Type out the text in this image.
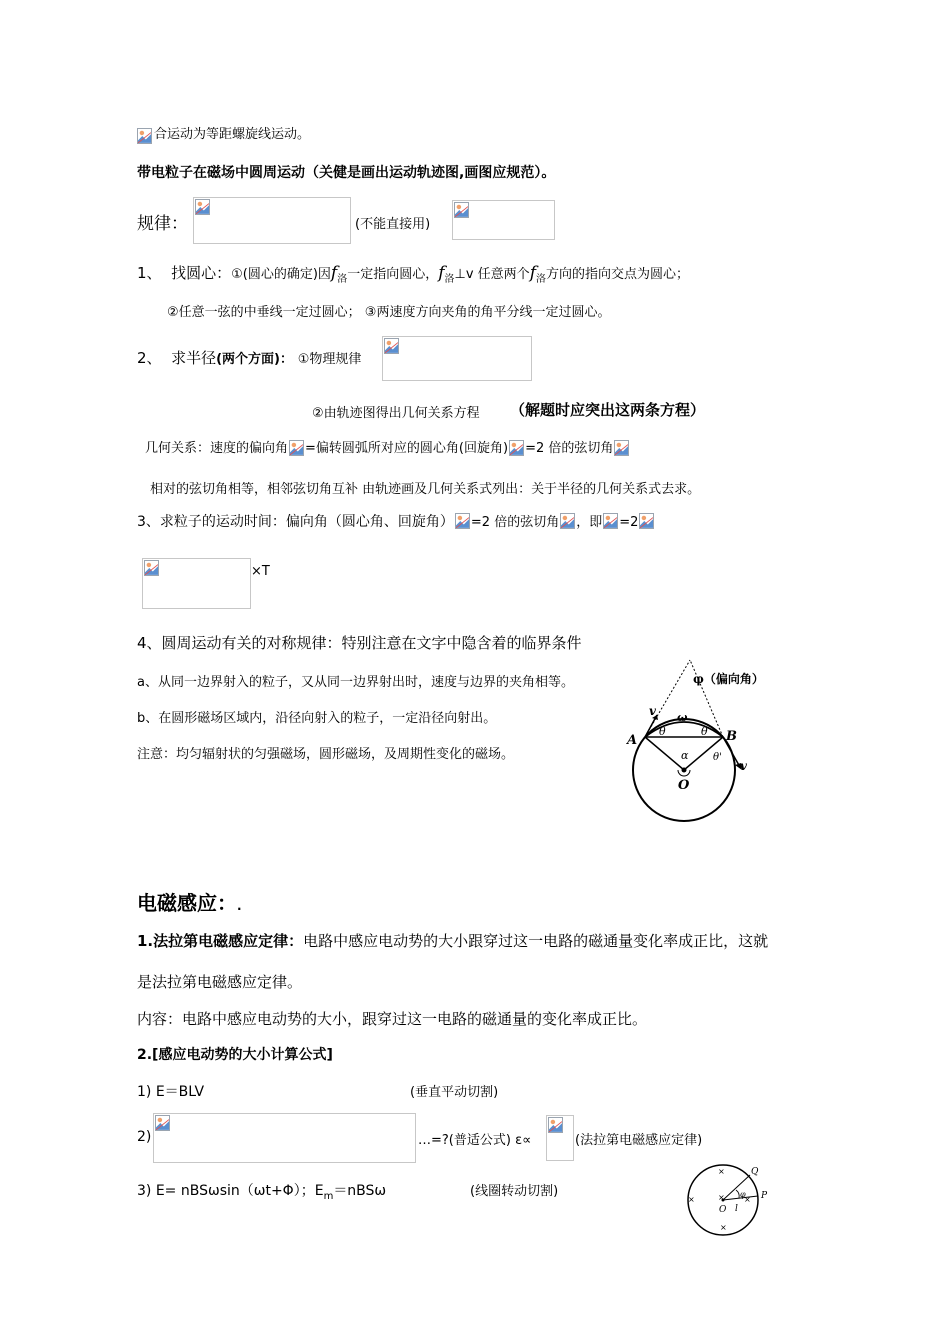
合运动为等距螺旋线运动。
带电粒子在磁场中圆周运动（关健是画出运动轨迹图,画图应规范）。
规律：	(不能直接用)
1、 找圆心：①(圆心的确定)因$f_洛$一定指向圆心，$f_洛\perp v$ 任意两个$f_洛$方向的指向交点为圆心；
②任意一弦的中垂线一定过圆心； ③两速度方向夹角的角平分线一定过圆心。
2、 求半径(两个方面)： ①物理规律
②由轨迹图得出几何关系方程 （解题时应突出这两条方程）
几何关系：速度的偏向角 =偏转圆弧所对应的圆心角(回旋角) =2 倍的弦切角
相对的弦切角相等，相邻弦切角互补 由轨迹画及几何关系式列出：关于半径的几何关系式去求。
3、求粒子的运动时间：偏向角（圆心角、回旋角） =2 倍的弦切角 ，即 =2
×T
4、圆周运动有关的对称规律：特别注意在文字中隐含着的临界条件
a、从同一边界射入的粒子，又从同一边界射出时，速度与边界的夹角相等。
b、在圆形磁场区域内，沿径向射入的粒子，一定沿径向射出。
注意：均匀辐射状的匀强磁场，圆形磁场，及周期性变化的磁场。
φ（偏向角）
v
v
ω
A	B
O
θ	θ
θ'
α
电磁感应：.
1.法拉第电磁感应定律：电路中感应电动势的大小跟穿过这一电路的磁通量变化率成正比，这就
是法拉第电磁感应定律。
内容：电路中感应电动势的大小，跟穿过这一电路的磁通量的变化率成正比。
2.[感应电动势的大小计算公式]
1) E＝BLV	(垂直平动切割)
2)	…=?(普适公式) ε∝	(法拉第电磁感应定律)
3) E= nBSωsin（ωt+Φ）；$E_m=nBS\omega$	(线圈转动切割)
Q
P
O l
φ
×
×	× ×
×
